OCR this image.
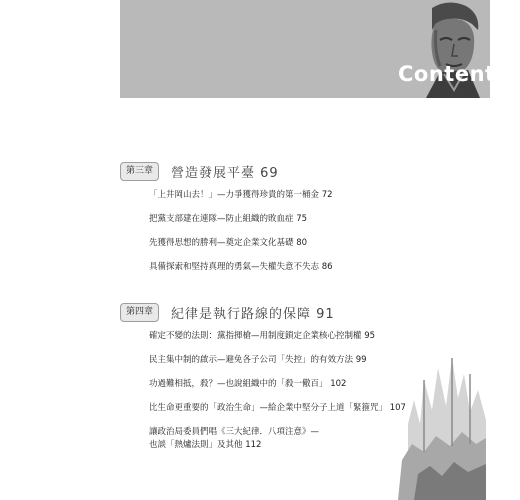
Contents
第三章	營造發展平臺 69
「上井岡山去！」—力爭獲得珍貴的第一桶金 72
把黨支部建在連隊—防止組織的敗血症 75
先獲得思想的勝利—奠定企業文化基礎 80
具備探索和堅持真理的勇氣—失權失意不失志 86
第四章	紀律是執行路線的保障 91
確定不變的法則：黨指揮槍—用制度鎖定企業核心控制權 95
民主集中制的啟示—避免各子公司「失控」的有效方法 99
功過難相抵，殺？—也說組織中的「殺一儆百」 102
比生命更重要的「政治生命」—給企業中堅分子上道「緊箍咒」 107
讓政治局委員們唱《三大紀律．八項注意》—
也談「熱爐法則」及其他 112
